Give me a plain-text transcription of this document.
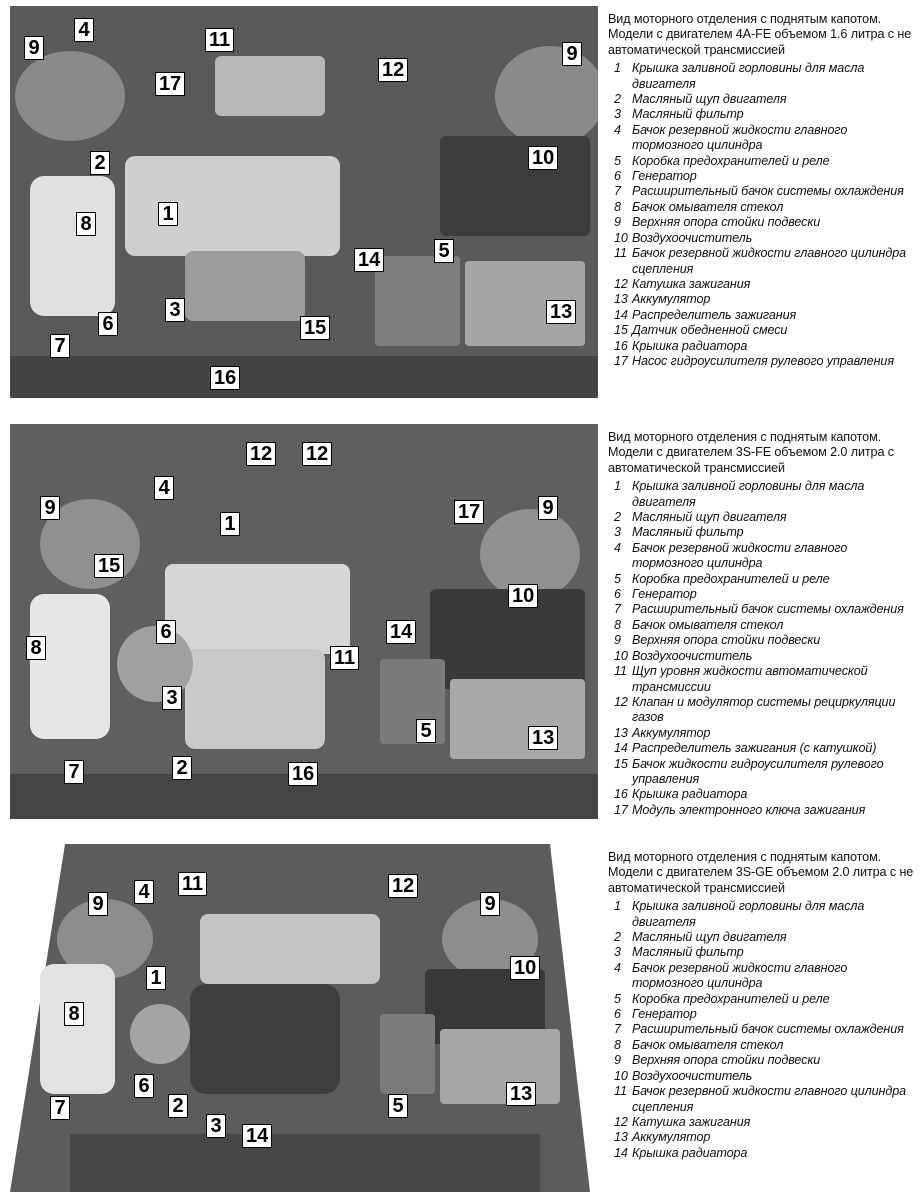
9
4	11
12
9
17
2	10
1
8
14	5
3
6	15
13
7
16
12 12
9
4
1
17	9
15
10
6	14
8	11
3
5	13
2	16
7
4 11	12
9	9
10
1
8
6	13
2	5
7
3 14
Вид моторного отделения с поднятым капотом. Модели с двигателем 4A-FE объемом 1.6 литра с не автоматической трансмиссией
1 Крышка заливной горловины для масла двигателя
2 Масляный щуп двигателя
3 Масляный фильтр
4 Бачок резервной жидкости главного тормозного цилиндра
5 Коробка предохранителей и реле
6 Генератор
7 Расширительный бачок системы охлаждения
8 Бачок омывателя стекол
9 Верхняя опора стойки подвески
10 Воздухоочиститель
11 Бачок резервной жидкости главного цилиндра сцепления
12 Катушка зажигания
13 Аккумулятор
14 Распределитель зажигания
15 Датчик обедненной смеси
16 Крышка радиатора
17 Насос гидроусилителя рулевого управления
Вид моторного отделения с поднятым капотом. Модели с двигателем 3S-FE объемом 2.0 литра с автоматической трансмиссией
1 Крышка заливной горловины для масла двигателя
2 Масляный щуп двигателя
3 Масляный фильтр
4 Бачок резервной жидкости главного тормозного цилиндра
5 Коробка предохранителей и реле
6 Генератор
7 Расширительный бачок системы охлаждения
8 Бачок омывателя стекол
9 Верхняя опора стойки подвески
10 Воздухоочиститель
11 Щуп уровня жидкости автоматической трансмиссии
12 Клапан и модулятор системы рециркуляции газов
13 Аккумулятор
14 Распределитель зажигания (с катушкой)
15 Бачок жидкости гидроусилителя рулевого управления
16 Крышка радиатора
17 Модуль электронного ключа зажигания
Вид моторного отделения с поднятым капотом. Модели с двигателем 3S-GE объемом 2.0 литра с не автоматической трансмиссией
1 Крышка заливной горловины для масла двигателя
2 Масляный щуп двигателя
3 Масляный фильтр
4 Бачок резервной жидкости главного тормозного цилиндра
5 Коробка предохранителей и реле
6 Генератор
7 Расширительный бачок системы охлаждения
8 Бачок омывателя стекол
9 Верхняя опора стойки подвески
10 Воздухоочиститель
11 Бачок резервной жидкости главного цилиндра сцепления
12 Катушка зажигания
13 Аккумулятор
14 Крышка радиатора
